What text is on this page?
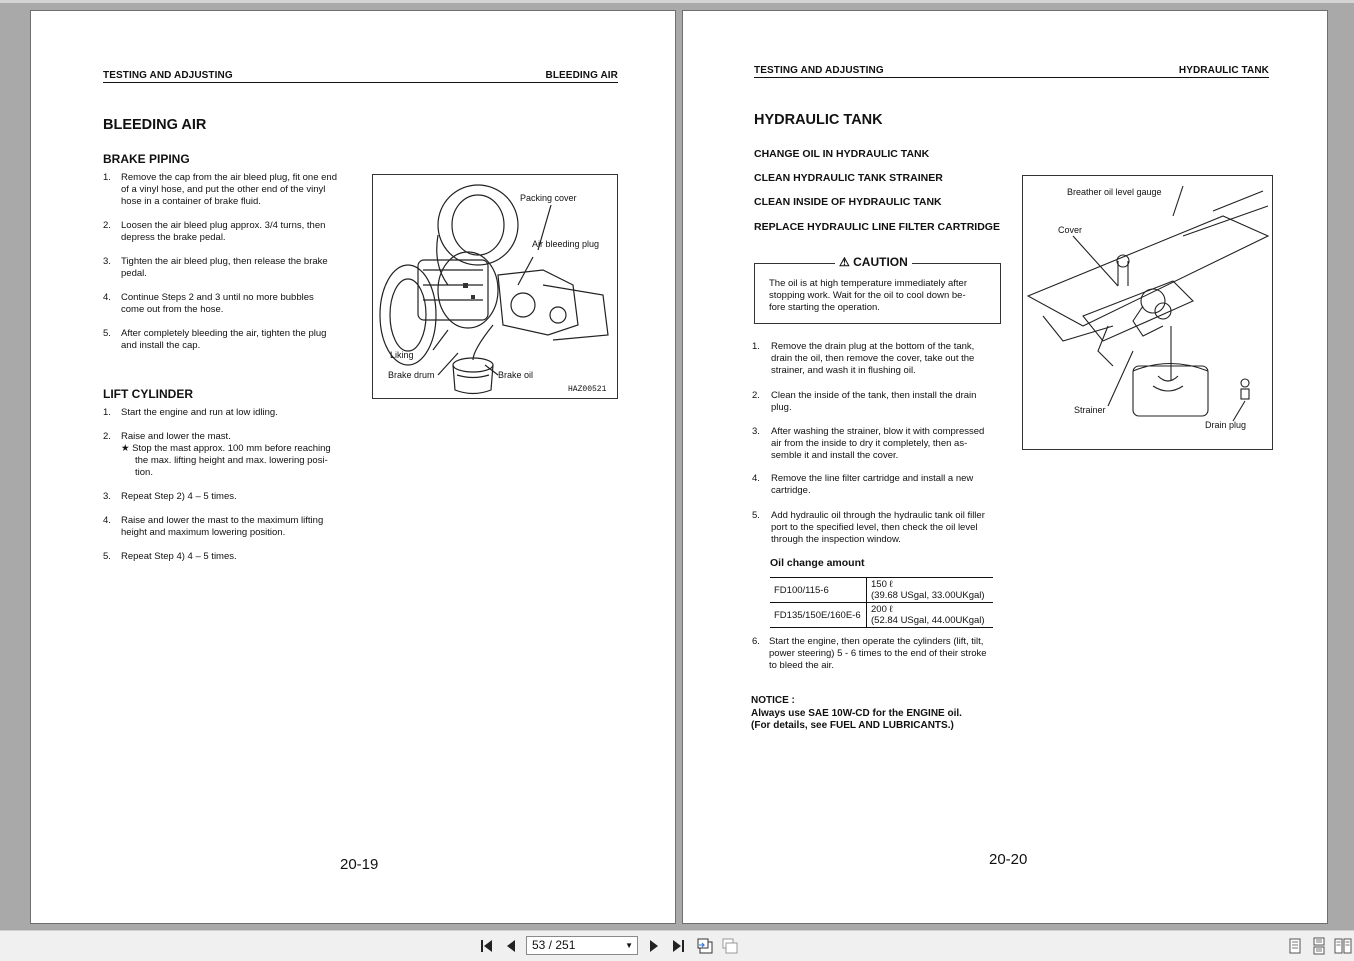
TESTING AND ADJUSTING	BLEEDING AIR
BLEEDING AIR
BRAKE PIPING
1.	Remove the cap from the air bleed plug, fit one end
of a vinyl hose, and put the other end of the vinyl
hose in a container of brake fluid.
2.	Loosen the air bleed plug approx. 3/4 turns, then
depress the brake pedal.
3.	Tighten the air bleed plug, then release the brake
pedal.
4.	Continue Steps 2 and 3 until no more bubbles
come out from the hose.
5.	After completely bleeding the air, tighten the plug
and install the cap.
Packing cover
Air bleeding plug
Liking
Brake drum	Brake oil
HAZ00521
LIFT CYLINDER
1.	Start the engine and run at low idling.
2.	Raise and lower the mast.
★ Stop the mast approx. 100 mm before reaching
the max. lifting height and max. lowering posi-
tion.
3.	Repeat Step 2) 4 – 5 times.
4.	Raise and lower the mast to the maximum lifting
height and maximum lowering position.
5.	Repeat Step 4) 4 – 5 times.
20-19
TESTING AND ADJUSTING	HYDRAULIC TANK
HYDRAULIC TANK
CHANGE OIL IN HYDRAULIC TANK
CLEAN HYDRAULIC TANK STRAINER
CLEAN INSIDE OF HYDRAULIC TANK
REPLACE HYDRAULIC LINE FILTER CARTRIDGE
⚠ CAUTION
The oil is at high temperature immediately after
stopping work. Wait for the oil to cool down be-
fore starting the operation.
Breather oil level gauge
Cover
Strainer
Drain plug
1.	Remove the drain plug at the bottom of the tank,
drain the oil, then remove the cover, take out the
strainer, and wash it in flushing oil.
2.	Clean the inside of the tank, then install the drain
plug.
3.	After washing the strainer, blow it with compressed
air from the inside to dry it completely, then as-
semble it and install the cover.
4.	Remove the line filter cartridge and install a new
cartridge.
5.	Add hydraulic oil through the hydraulic tank oil filler
port to the specified level, then check the oil level
through the inspection window.
Oil change amount
FD100/115-6	150 ℓ
(39.68 USgal, 33.00UKgal)

FD135/150E/160E-6	200 ℓ
(52.84 USgal, 44.00UKgal)
6. Start the engine, then operate the cylinders (lift, tilt,
power steering) 5 - 6 times to the end of their stroke
to bleed the air.
NOTICE :
Always use SAE 10W-CD for the ENGINE oil.
(For details, see FUEL AND LUBRICANTS.)
20-20
53 / 251	▼
